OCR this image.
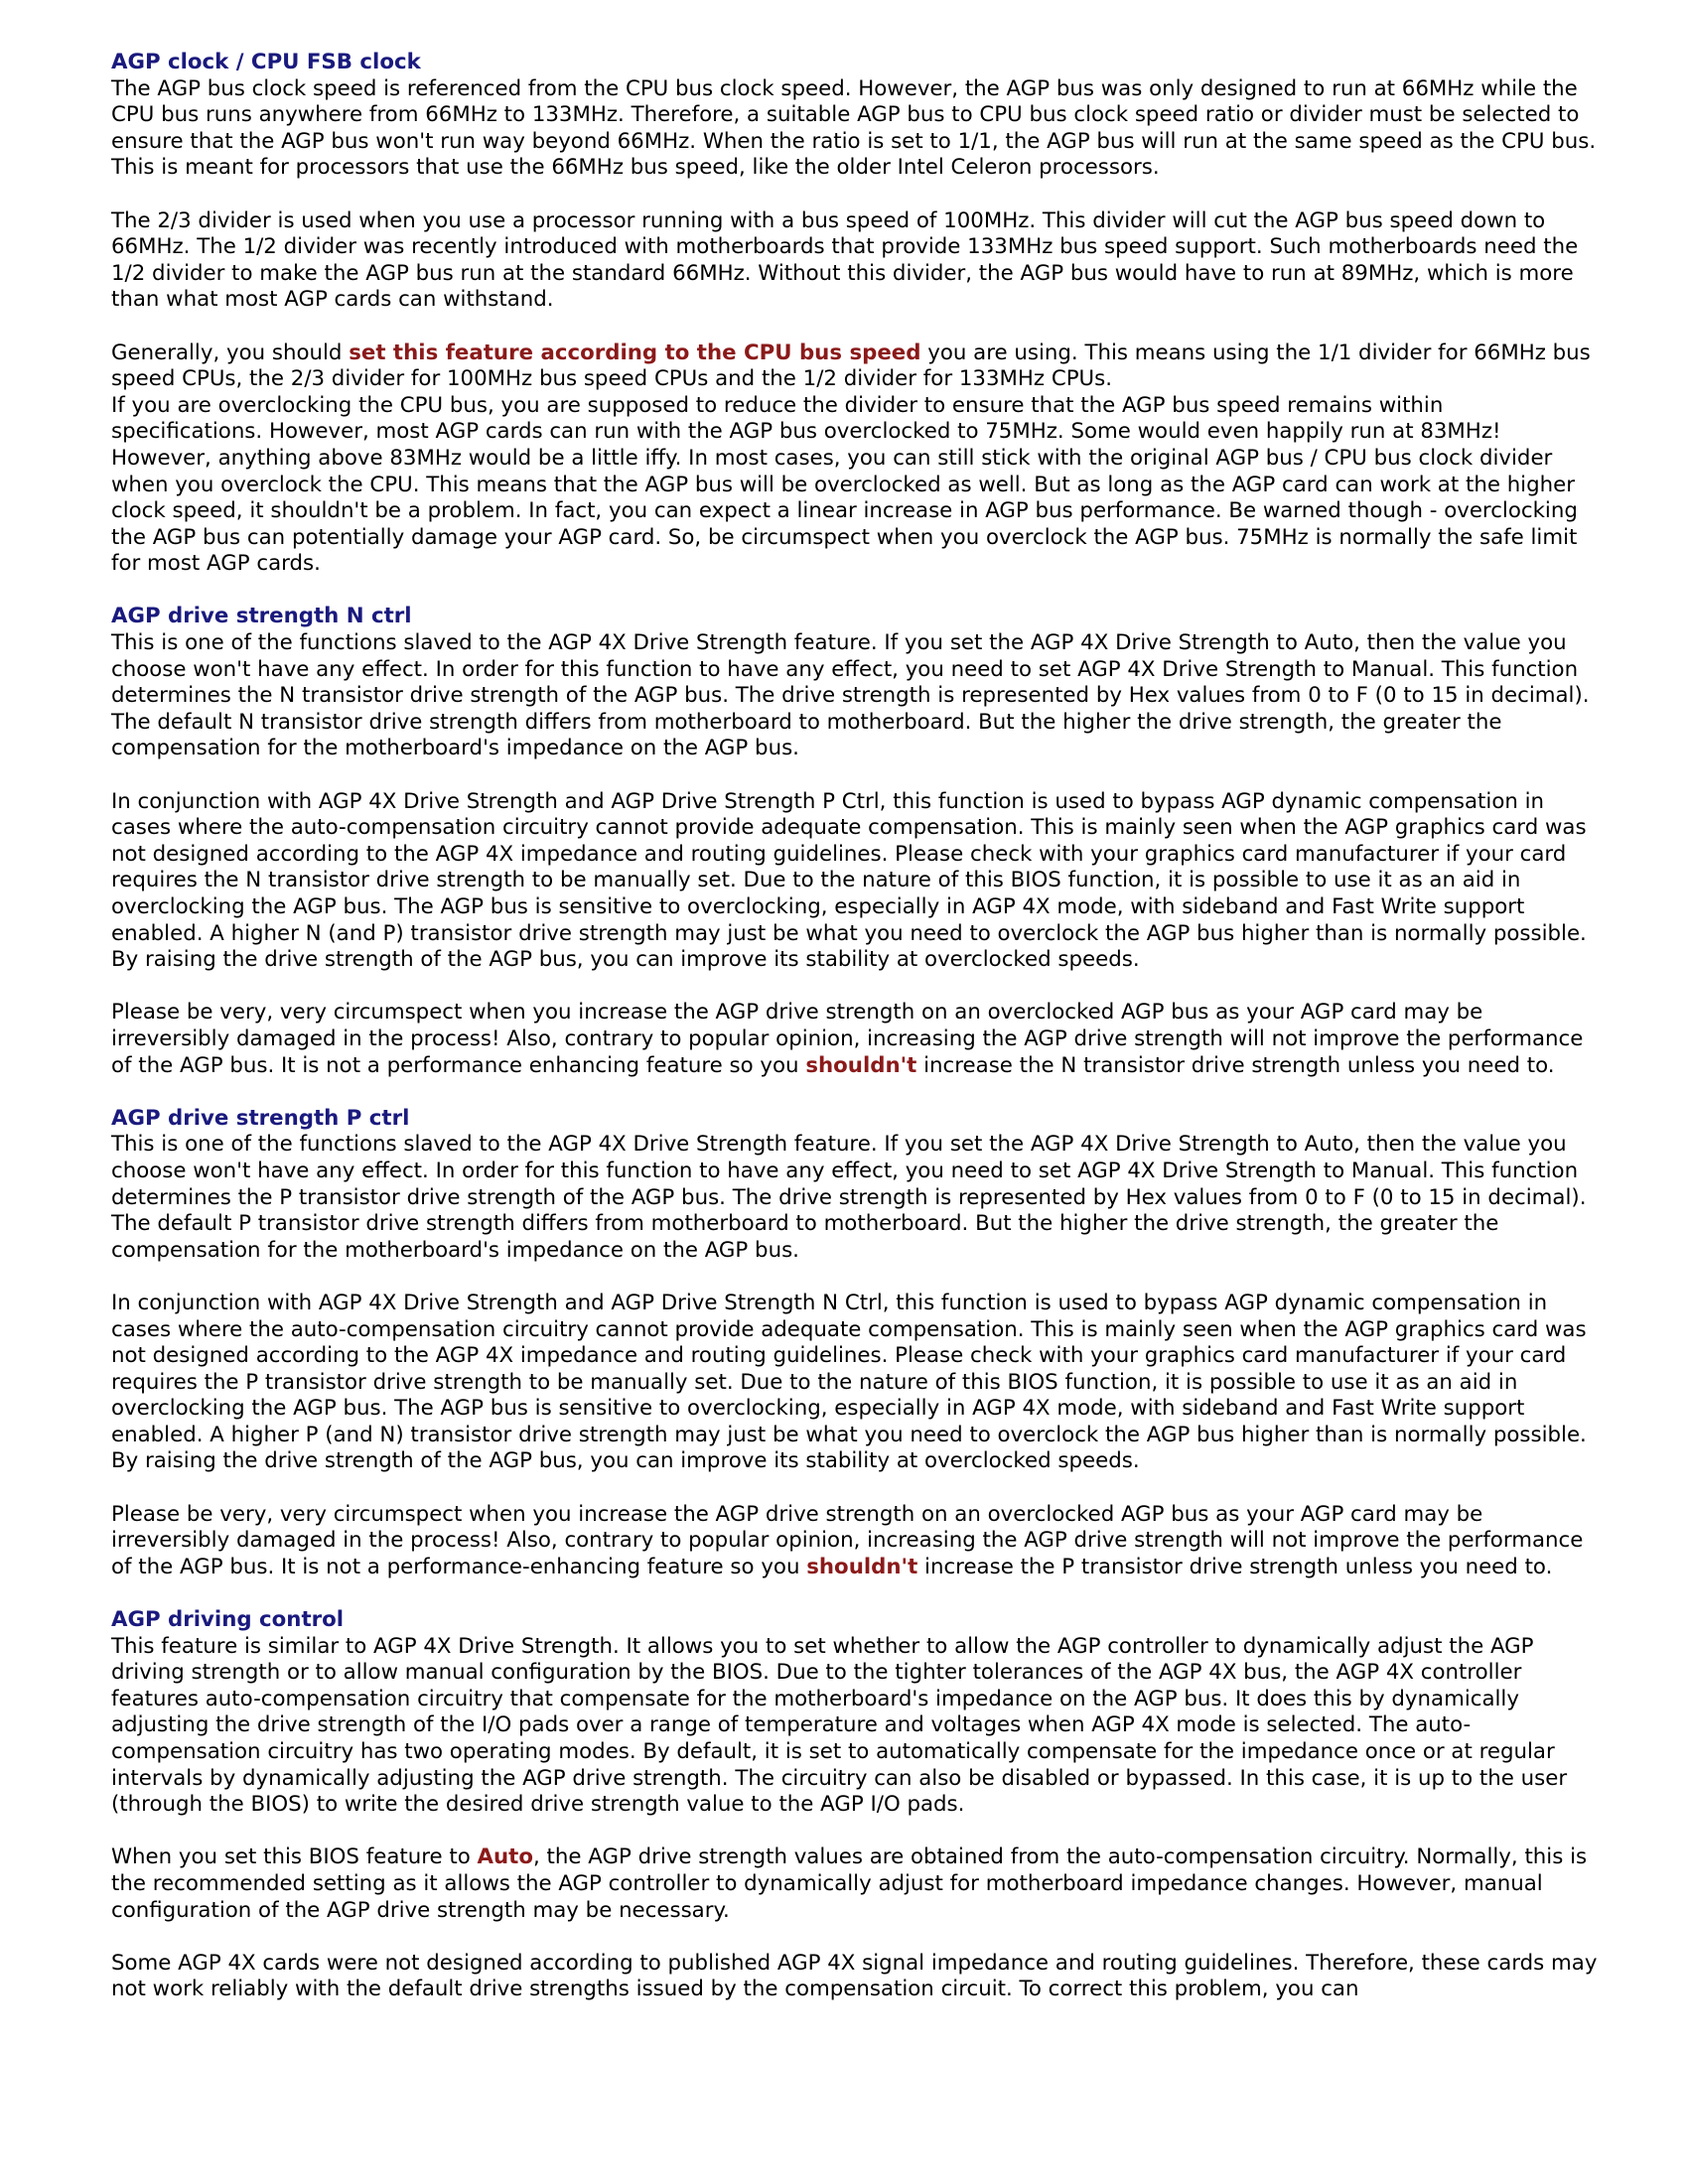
AGP clock / CPU FSB clock
The AGP bus clock speed is referenced from the CPU bus clock speed. However, the AGP bus was only designed to run at 66MHz while the CPU bus runs anywhere from 66MHz to 133MHz. Therefore, a suitable AGP bus to CPU bus clock speed ratio or divider must be selected to ensure that the AGP bus won't run way beyond 66MHz. When the ratio is set to 1/1, the AGP bus will run at the same speed as the CPU bus. This is meant for processors that use the 66MHz bus speed, like the older Intel Celeron processors.
The 2/3 divider is used when you use a processor running with a bus speed of 100MHz. This divider will cut the AGP bus speed down to 66MHz. The 1/2 divider was recently introduced with motherboards that provide 133MHz bus speed support. Such motherboards need the 1/2 divider to make the AGP bus run at the standard 66MHz. Without this divider, the AGP bus would have to run at 89MHz, which is more than what most AGP cards can withstand.
Generally, you should set this feature according to the CPU bus speed you are using. This means using the 1/1 divider for 66MHz bus speed CPUs, the 2/3 divider for 100MHz bus speed CPUs and the 1/2 divider for 133MHz CPUs.
If you are overclocking the CPU bus, you are supposed to reduce the divider to ensure that the AGP bus speed remains within specifications. However, most AGP cards can run with the AGP bus overclocked to 75MHz. Some would even happily run at 83MHz! However, anything above 83MHz would be a little iffy. In most cases, you can still stick with the original AGP bus / CPU bus clock divider when you overclock the CPU. This means that the AGP bus will be overclocked as well. But as long as the AGP card can work at the higher clock speed, it shouldn't be a problem. In fact, you can expect a linear increase in AGP bus performance. Be warned though - overclocking the AGP bus can potentially damage your AGP card. So, be circumspect when you overclock the AGP bus. 75MHz is normally the safe limit for most AGP cards.
AGP drive strength N ctrl
This is one of the functions slaved to the AGP 4X Drive Strength feature. If you set the AGP 4X Drive Strength to Auto, then the value you choose won't have any effect. In order for this function to have any effect, you need to set AGP 4X Drive Strength to Manual. This function determines the N transistor drive strength of the AGP bus. The drive strength is represented by Hex values from 0 to F (0 to 15 in decimal). The default N transistor drive strength differs from motherboard to motherboard. But the higher the drive strength, the greater the compensation for the motherboard's impedance on the AGP bus.
In conjunction with AGP 4X Drive Strength and AGP Drive Strength P Ctrl, this function is used to bypass AGP dynamic compensation in cases where the auto-compensation circuitry cannot provide adequate compensation. This is mainly seen when the AGP graphics card was not designed according to the AGP 4X impedance and routing guidelines. Please check with your graphics card manufacturer if your card requires the N transistor drive strength to be manually set. Due to the nature of this BIOS function, it is possible to use it as an aid in overclocking the AGP bus. The AGP bus is sensitive to overclocking, especially in AGP 4X mode, with sideband and Fast Write support enabled. A higher N (and P) transistor drive strength may just be what you need to overclock the AGP bus higher than is normally possible. By raising the drive strength of the AGP bus, you can improve its stability at overclocked speeds.
Please be very, very circumspect when you increase the AGP drive strength on an overclocked AGP bus as your AGP card may be irreversibly damaged in the process! Also, contrary to popular opinion, increasing the AGP drive strength will not improve the performance of the AGP bus. It is not a performance enhancing feature so you shouldn't increase the N transistor drive strength unless you need to.
AGP drive strength P ctrl
This is one of the functions slaved to the AGP 4X Drive Strength feature. If you set the AGP 4X Drive Strength to Auto, then the value you choose won't have any effect. In order for this function to have any effect, you need to set AGP 4X Drive Strength to Manual. This function determines the P transistor drive strength of the AGP bus. The drive strength is represented by Hex values from 0 to F (0 to 15 in decimal). The default P transistor drive strength differs from motherboard to motherboard. But the higher the drive strength, the greater the compensation for the motherboard's impedance on the AGP bus.
In conjunction with AGP 4X Drive Strength and AGP Drive Strength N Ctrl, this function is used to bypass AGP dynamic compensation in cases where the auto-compensation circuitry cannot provide adequate compensation. This is mainly seen when the AGP graphics card was not designed according to the AGP 4X impedance and routing guidelines. Please check with your graphics card manufacturer if your card requires the P transistor drive strength to be manually set. Due to the nature of this BIOS function, it is possible to use it as an aid in overclocking the AGP bus. The AGP bus is sensitive to overclocking, especially in AGP 4X mode, with sideband and Fast Write support enabled. A higher P (and N) transistor drive strength may just be what you need to overclock the AGP bus higher than is normally possible. By raising the drive strength of the AGP bus, you can improve its stability at overclocked speeds.
Please be very, very circumspect when you increase the AGP drive strength on an overclocked AGP bus as your AGP card may be irreversibly damaged in the process! Also, contrary to popular opinion, increasing the AGP drive strength will not improve the performance of the AGP bus. It is not a performance-enhancing feature so you shouldn't increase the P transistor drive strength unless you need to.
AGP driving control
This feature is similar to AGP 4X Drive Strength. It allows you to set whether to allow the AGP controller to dynamically adjust the AGP driving strength or to allow manual configuration by the BIOS. Due to the tighter tolerances of the AGP 4X bus, the AGP 4X controller features auto-compensation circuitry that compensate for the motherboard's impedance on the AGP bus. It does this by dynamically adjusting the drive strength of the I/O pads over a range of temperature and voltages when AGP 4X mode is selected. The auto-compensation circuitry has two operating modes. By default, it is set to automatically compensate for the impedance once or at regular intervals by dynamically adjusting the AGP drive strength. The circuitry can also be disabled or bypassed. In this case, it is up to the user (through the BIOS) to write the desired drive strength value to the AGP I/O pads.
When you set this BIOS feature to Auto, the AGP drive strength values are obtained from the auto-compensation circuitry. Normally, this is the recommended setting as it allows the AGP controller to dynamically adjust for motherboard impedance changes. However, manual configuration of the AGP drive strength may be necessary.
Some AGP 4X cards were not designed according to published AGP 4X signal impedance and routing guidelines. Therefore, these cards may not work reliably with the default drive strengths issued by the compensation circuit. To correct this problem, you can
